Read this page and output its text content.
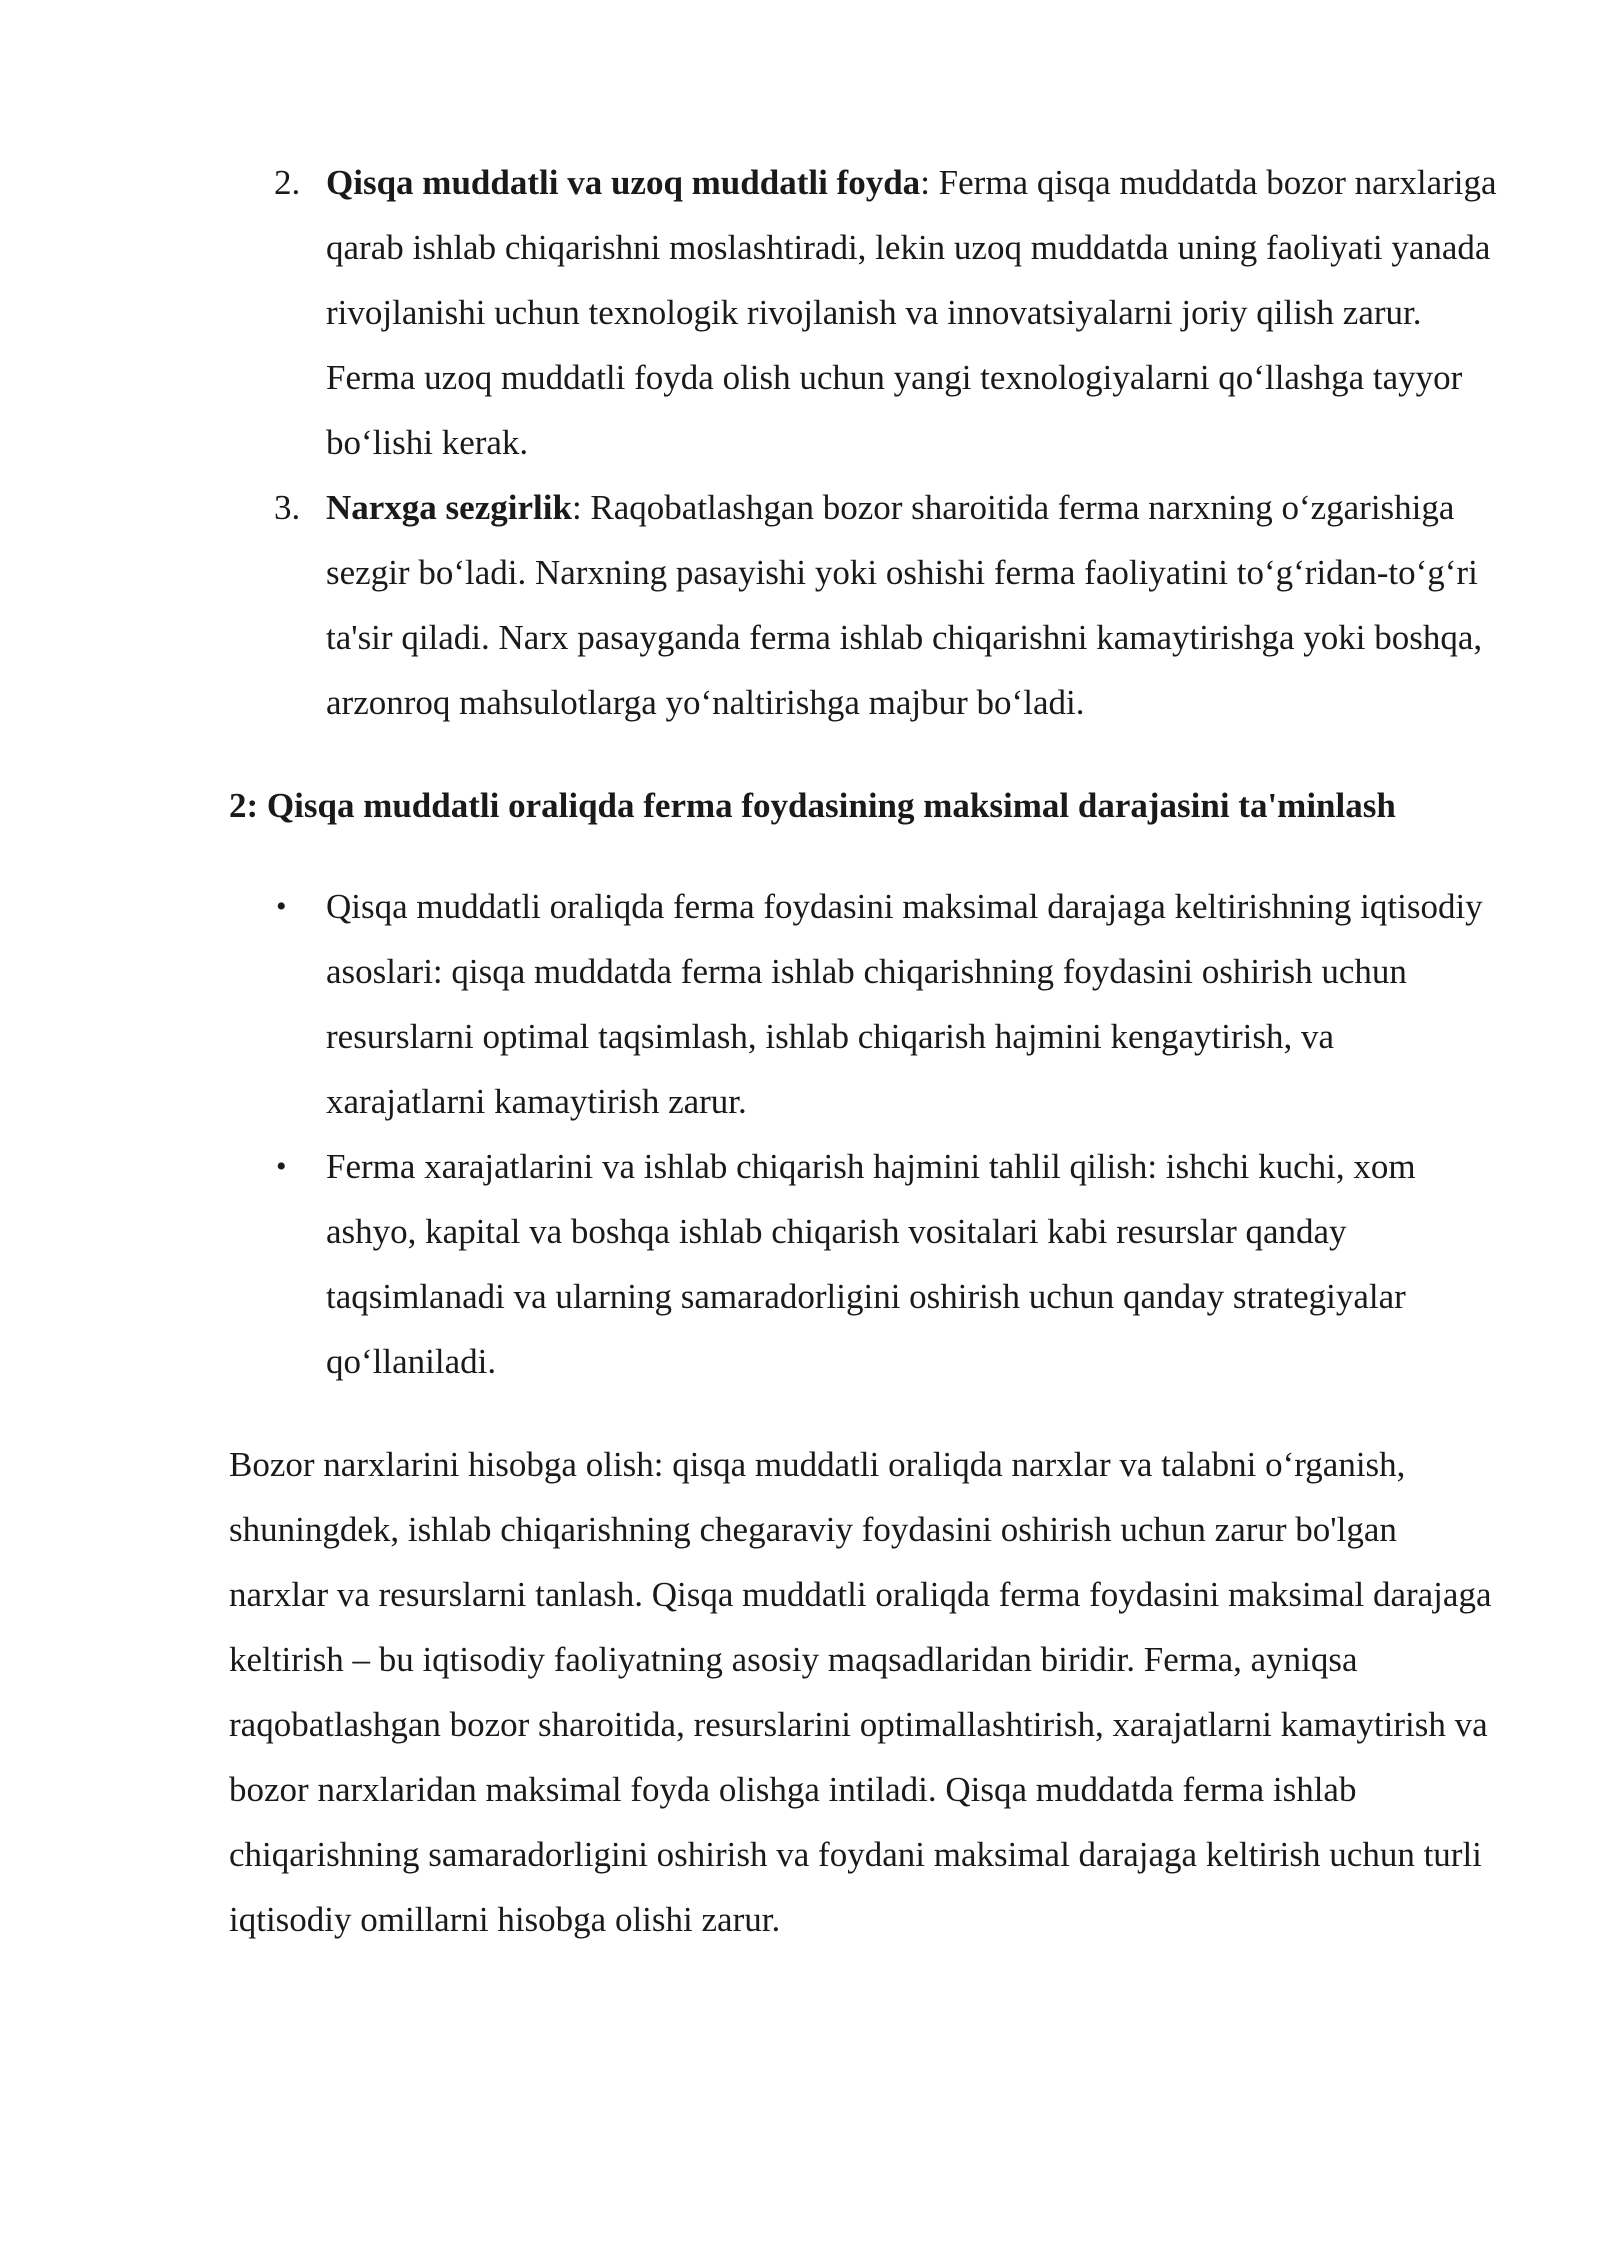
2. Qisqa muddatli va uzoq muddatli foyda: Ferma qisqa muddatda bozor narxlariga qarab ishlab chiqarishni moslashtiradi, lekin uzoq muddatda uning faoliyati yanada rivojlanishi uchun texnologik rivojlanish va innovatsiyalarni joriy qilish zarur. Ferma uzoq muddatli foyda olish uchun yangi texnologiyalarni qo‘llashga tayyor bo‘lishi kerak.
3. Narxga sezgirlik: Raqobatlashgan bozor sharoitida ferma narxning o‘zgarishiga sezgir bo‘ladi. Narxning pasayishi yoki oshishi ferma faoliyatini to‘g‘ridan-to‘g‘ri ta'sir qiladi. Narx pasayganda ferma ishlab chiqarishni kamaytirishga yoki boshqa, arzonroq mahsulotlarga yo‘naltirishga majbur bo‘ladi.
2: Qisqa muddatli oraliqda ferma foydasining maksimal darajasini ta'minlash
• Qisqa muddatli oraliqda ferma foydasini maksimal darajaga keltirishning iqtisodiy asoslari: qisqa muddatda ferma ishlab chiqarishning foydasini oshirish uchun resurslarni optimal taqsimlash, ishlab chiqarish hajmini kengaytirish, va xarajatlarni kamaytirish zarur.
• Ferma xarajatlarini va ishlab chiqarish hajmini tahlil qilish: ishchi kuchi, xom ashyo, kapital va boshqa ishlab chiqarish vositalari kabi resurslar qanday taqsimlanadi va ularning samaradorligini oshirish uchun qanday strategiyalar qo‘llaniladi.

Bozor narxlarini hisobga olish: qisqa muddatli oraliqda narxlar va talabni o‘rganish, shuningdek, ishlab chiqarishning chegaraviy foydasini oshirish uchun zarur bo'lgan narxlar va resurslarni tanlash. Qisqa muddatli oraliqda ferma foydasini maksimal darajaga keltirish – bu iqtisodiy faoliyatning asosiy maqsadlaridan biridir. Ferma, ayniqsa raqobatlashgan bozor sharoitida, resurslarini optimallashtirish, xarajatlarni kamaytirish va bozor narxlaridan maksimal foyda olishga intiladi. Qisqa muddatda ferma ishlab chiqarishning samaradorligini oshirish va foydani maksimal darajaga keltirish uchun turli iqtisodiy omillarni hisobga olishi zarur.
